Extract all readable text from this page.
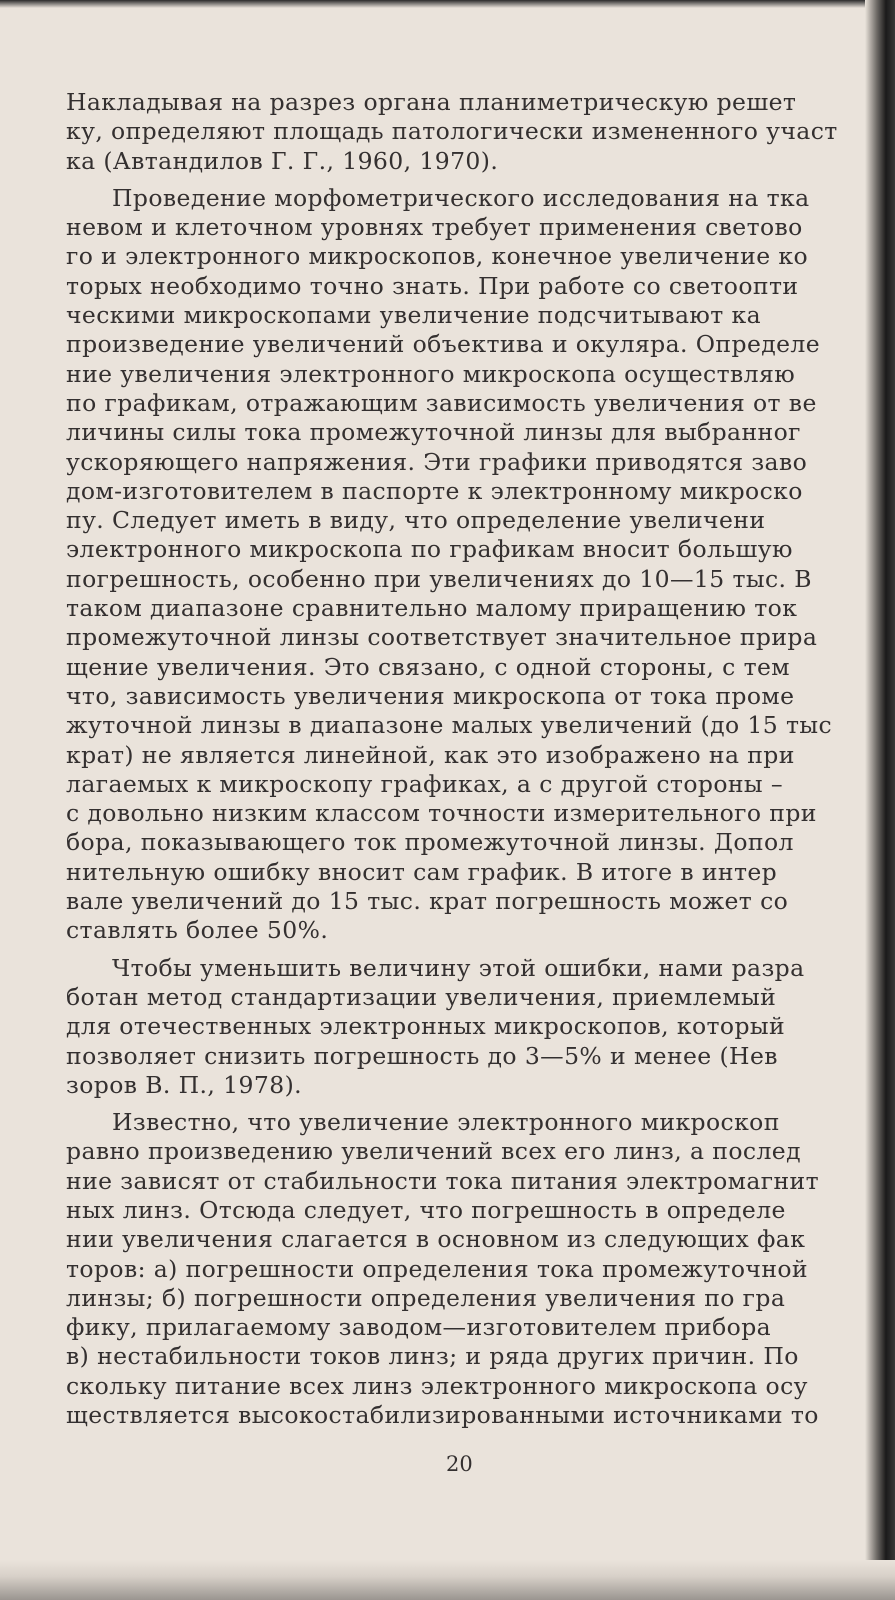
Накладывая на разрез органа планиметрическую решет
ку, определяют площадь патологически измененного участ
ка (Автандилов Г. Г., 1960, 1970).
Проведение морфометрического исследования на тка
невом и клеточном уровнях требует применения светово
го и электронного микроскопов, конечное увеличение ко
торых необходимо точно знать. При работе со светоопти
ческими микроскопами увеличение подсчитывают ка
произведение увеличений объектива и окуляра. Определе
ние увеличения электронного микроскопа осуществляю
по графикам, отражающим зависимость увеличения от ве
личины силы тока промежуточной линзы для выбранног
ускоряющего напряжения. Эти графики приводятся заво
дом-изготовителем в паспорте к электронному микроско
пу. Следует иметь в виду, что определение увеличени
электронного микроскопа по графикам вносит большую
погрешность, особенно при увеличениях до 10—15 тыс. В
таком диапазоне сравнительно малому приращению ток
промежуточной линзы соответствует значительное прира
щение увеличения. Это связано, с одной стороны, с тем
что, зависимость увеличения микроскопа от тока проме
жуточной линзы в диапазоне малых увеличений (до 15 тыс
крат) не является линейной, как это изображено на при
лагаемых к микроскопу графиках, а с другой стороны –
с довольно низким классом точности измерительного при
бора, показывающего ток промежуточной линзы. Допол
нительную ошибку вносит сам график. В итоге в интер
вале увеличений до 15 тыс. крат погрешность может со
ставлять более 50%.
Чтобы уменьшить величину этой ошибки, нами разра
ботан метод стандартизации увеличения, приемлемый
для отечественных электронных микроскопов, который
позволяет снизить погрешность до 3—5% и менее (Нев
зоров В. П., 1978).
Известно, что увеличение электронного микроскоп
равно произведению увеличений всех его линз, а послед
ние зависят от стабильности тока питания электромагнит
ных линз. Отсюда следует, что погрешность в определе
нии увеличения слагается в основном из следующих фак
торов: а) погрешности определения тока промежуточной
линзы; б) погрешности определения увеличения по гра
фику, прилагаемому заводом—изготовителем прибора
в) нестабильности токов линз; и ряда других причин. По
скольку питание всех линз электронного микроскопа осу
ществляется высокостабилизированными источниками то
20
